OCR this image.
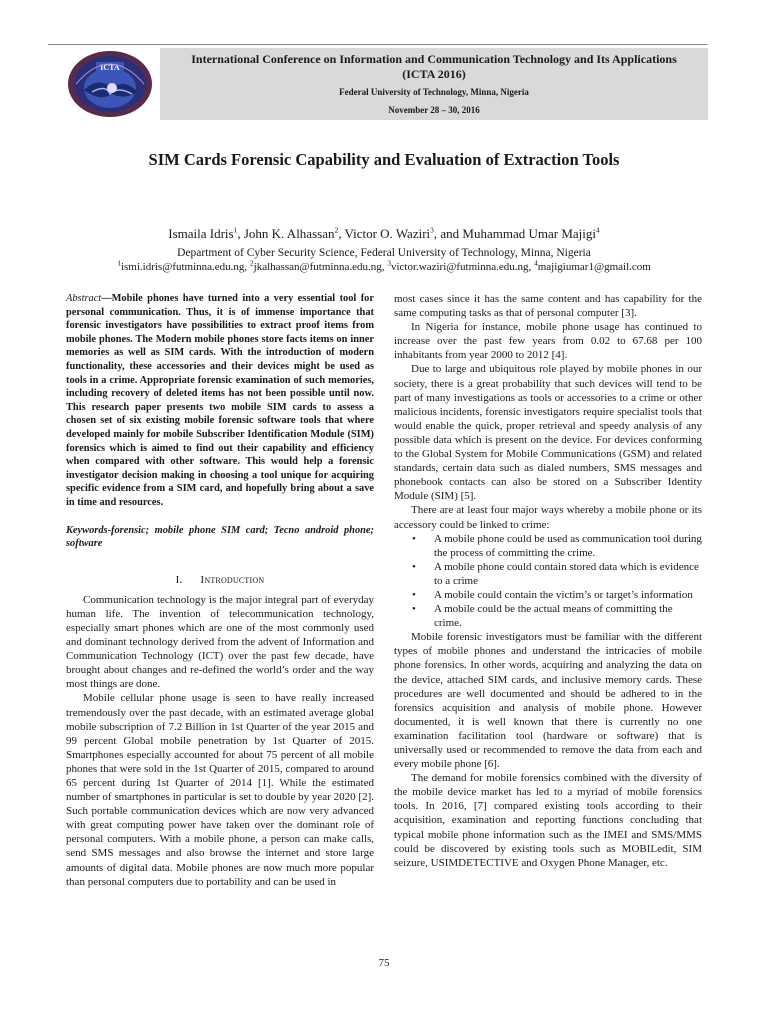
ICTA
International Conference on Information and Communication Technology and Its Applications
(ICTA 2016)
Federal University of Technology, Minna, Nigeria
November 28 – 30, 2016
SIM Cards Forensic Capability and Evaluation of Extraction Tools
Ismaila Idris$^1$, John K. Alhassan$^2$, Victor O. Waziri$^3$, and Muhammad Umar Majigi$^4$
Department of Cyber Security Science, Federal University of Technology, Minna, Nigeria
$^1$ismi.idris@futminna.edu.ng, $^2$jkalhassan@futminna.edu.ng, $^3$victor.waziri@futminna.edu.ng, $^4$majigiumar1@gmail.com

Abstract—Mobile phones have turned into a very essential tool for personal communication. Thus, it is of immense importance that forensic investigators have possibilities to extract proof items from mobile phones. The Modern mobile phones store facts items on inner memories as well as SIM cards. With the introduction of modern functionality, these accessories and their devices might be used as tools in a crime. Appropriate forensic examination of such memories, including recovery of deleted items has not been possible until now. This research paper presents two mobile SIM cards to assess a chosen set of six existing mobile forensic software tools that where developed mainly for mobile Subscriber Identification Module (SIM) forensics which is aimed to find out their capability and efficiency when compared with other software. This would help a forensic investigator decision making in choosing a tool unique for acquiring specific evidence from a SIM card, and hopefully bring about a save in time and resources.

Keywords-forensic; mobile phone SIM card; Tecno android phone; software

I. Introduction

Communication technology is the major integral part of everyday human life. The invention of telecommunication technology, especially smart phones which are one of the most commonly used and dominant technology derived from the advent of Information and Communication Technology (ICT) over the past few decade, have brought about changes and re-defined the world’s order and the way most things are done.

Mobile cellular phone usage is seen to have really increased tremendously over the past decade, with an estimated average global mobile subscription of 7.2 Billion in 1st Quarter of the year 2015 and 99 percent Global mobile penetration by 1st Quarter of 2015. Smartphones especially accounted for about 75 percent of all mobile phones that were sold in the 1st Quarter of 2015, compared to around 65 percent during 1st Quarter of 2014 [1]. While the estimated number of smartphones in particular is set to double by year 2020 [2]. Such portable communication devices which are now very advanced with great computing power have taken over the dominant role of personal computers. With a mobile phone, a person can make calls, send SMS messages and also browse the internet and store large amounts of digital data. Mobile phones are now much more popular than personal computers due to portability and can be used in

most cases since it has the same content and has capability for the same computing tasks as that of personal computer [3].

In Nigeria for instance, mobile phone usage has continued to increase over the past few years from 0.02 to 67.68 per 100 inhabitants from year 2000 to 2012 [4].

Due to large and ubiquitous role played by mobile phones in our society, there is a great probability that such devices will tend to be part of many investigations as tools or accessories to a crime or other malicious incidents, forensic investigators require specialist tools that would enable the quick, proper retrieval and speedy analysis of any possible data which is present on the device. For devices conforming to the Global System for Mobile Communications (GSM) and related standards, certain data such as dialed numbers, SMS messages and phonebook contacts can also be stored on a Subscriber Identity Module (SIM) [5].

There are at least four major ways whereby a mobile phone or its accessory could be linked to crime:

• A mobile phone could be used as communication tool during the process of committing the crime.
• A mobile phone could contain stored data which is evidence to a crime
• A mobile could contain the victim’s or target’s information
• A mobile could be the actual means of committing the crime.

Mobile forensic investigators must be familiar with the different types of mobile phones and understand the intricacies of mobile phone forensics. In other words, acquiring and analyzing the data on the device, attached SIM cards, and inclusive memory cards. These procedures are well documented and should be adhered to in the forensics acquisition and analysis of mobile phone. However documented, it is well known that there is currently no one examination facilitation tool (hardware or software) that is universally used or recommended to remove the data from each and every mobile phone [6].

The demand for mobile forensics combined with the diversity of the mobile device market has led to a myriad of mobile forensics tools. In 2016, [7] compared existing tools according to their acquisition, examination and reporting functions concluding that typical mobile phone information such as the IMEI and SMS/MMS could be discovered by existing tools such as MOBILedit, SIM seizure, USIMDETECTIVE and Oxygen Phone Manager, etc.

75
